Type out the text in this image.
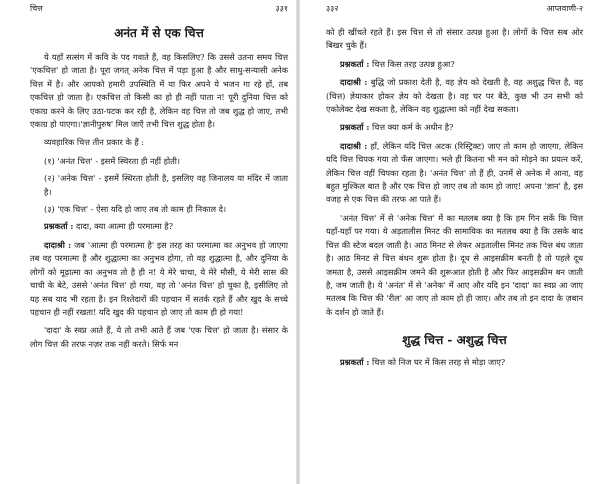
चित्त	३३१
अनंत में से एक चित्त

ये यहाँ सत्संग में कवि के पद गवाते हैं, वह किसलिए? कि उससे उतना समय चित्त 'एकचित्त' हो जाता है। पूरा जगत् अनेक चित्त में पड़ा हुआ है और साधु-सन्यासी अनेक चित्त में है। और आपको हमारी उपस्थिति में या फिर अपने ये भजन गा रहे हों, तब एकचित्त हो जाता है। एकचित्त तो किसी का हो ही नहीं पाता न! पूरी दुनिया चित्त को एकाग्र करने के लिए उठा-पटक कर रही है, लेकिन वह चित्त तो जब शुद्ध हो जाए, तभी एकाग्र हो पाएगा।'ज्ञानीपुरुष' मिल जाएँ तभी चित्त शुद्ध होता है।

व्यवहारिक चित्त तीन प्रकार के हैं :

(१) 'अनंत चित्त' - इसमें स्थिरता ही नहीं होती।

(२) 'अनेक चित्त' - इसमें स्थिरता होती है, इसलिए वह जिनालय या मंदिर में जाता है।

(३) 'एक चित्त' - ऐसा यदि हो जाए तब तो काम ही निकाल दे।

प्रश्नकर्ता : दादा, क्या आत्मा ही परमात्मा है?

दादाश्री : जब 'आत्मा ही परमात्मा है' इस तरह का परमात्मा का अनुभव हो जाएगा तब वह परमात्मा है और शुद्धात्मा का अनुभव होगा, तो वह शुद्धात्मा है, और दुनिया के लोगों को मूढ़ात्मा का अनुभव तो है ही न! ये मेरे चाचा, ये मेरे मौसी, ये मेरी सास की चाची के बेटे, उससे 'अनंत चित्त' हो गया, वह तो 'अनंत चित्त' हो चुका है, इसीलिए तो यह सब याद भी रहता है। इन रिश्तेदारों की पहचान में सतर्क रहते हैं और खुद के सच्चे पहचान ही नहीं रखता! यदि खुद की पहचान हो जाए तो काम ही हो गया!

'दादा' के स्वप्न आते हैं, ये तो तभी आते हैं जब 'एक चित्त' हो जाता है। संसार के लोग चित्त की तरफ नज़र तक नहीं करते। सिर्फ मन

३३२	आप्तवाणी-२

को ही खींचते रहते हैं। इस चित्त से तो संसार उत्पन्न हुआ है। लोगों के चित्त सब ओर बिखर चुके हैं।

प्रश्नकर्ता : चित्त किस तरह उत्पन्न हुआ?

दादाश्री : बुद्धि जो प्रकाश देती है, वह ज्ञेय को देखती है, वह अशुद्ध चित्त है, वह (चित्त) ज्ञेयाकार होकर ज्ञेय को देखता है। वह घर पर बैठे, कुछ भी उन सभी को एकोलेक्ट देख सकता है, लेकिन वह शुद्धात्मा को नहीं देख सकता।

प्रश्नकर्ता : चित्त क्या कर्म के अधीन है?

दादाश्री : हाँ, लेकिन यदि चित्त अटक (रिस्ट्रिक्ट) जाए तो काम हो जाएगा, लेकिन यदि चित्त चिपक गया तो फँस जाएगा। भले ही कितना भी मन को मोड़ने का प्रयत्न करें, लेकिन चित्त वहीं चिपका रहता है। 'अनंत चित्त' तो हैं ही, उनमें से अनेक में आना, वह बहुत मुश्किल बात है और एक चित्त हो जाए तब तो काम हो जाए! अपना 'ज्ञान' है, इस वजह से एक चित्त की तरफ आ पाते हैं।

'अनंत चित्त' में से 'अनेक चित्त' में का मतलब क्या है कि हम गिन सकें कि चित्त यहाँ-यहाँ पर गया। ये अड़तालीस मिनट की सामायिक का मतलब क्या है कि उसके बाद चित्त की स्टेज बदल जाती है। आठ मिनट से लेकर अड़तालीस मिनट तक चित्त बंध जाता है। आठ मिनट से चित्त बंधन शुरू होता है। दूध से आइसक्रीम बनती है तो पहले दूध जमता है, उससे आइसक्रीम जमने की शुरूआत होती है और फिर आइसक्रीम बन जाती है, जम जाती है। ये 'अनंत' में से 'अनेक' में आए और यदि इन 'दादा' का स्वप्न आ जाए मतलब कि चित्त की 'रील' आ जाए तो काम हो ही जाए। और तब तो इन दादा के ज़बान के दर्शन हो जाते हैं।

शुद्ध चित्त - अशुद्ध चित्त

प्रश्नकर्ता : चित्त को निज घर में किस तरह से मोड़ा जाए?
